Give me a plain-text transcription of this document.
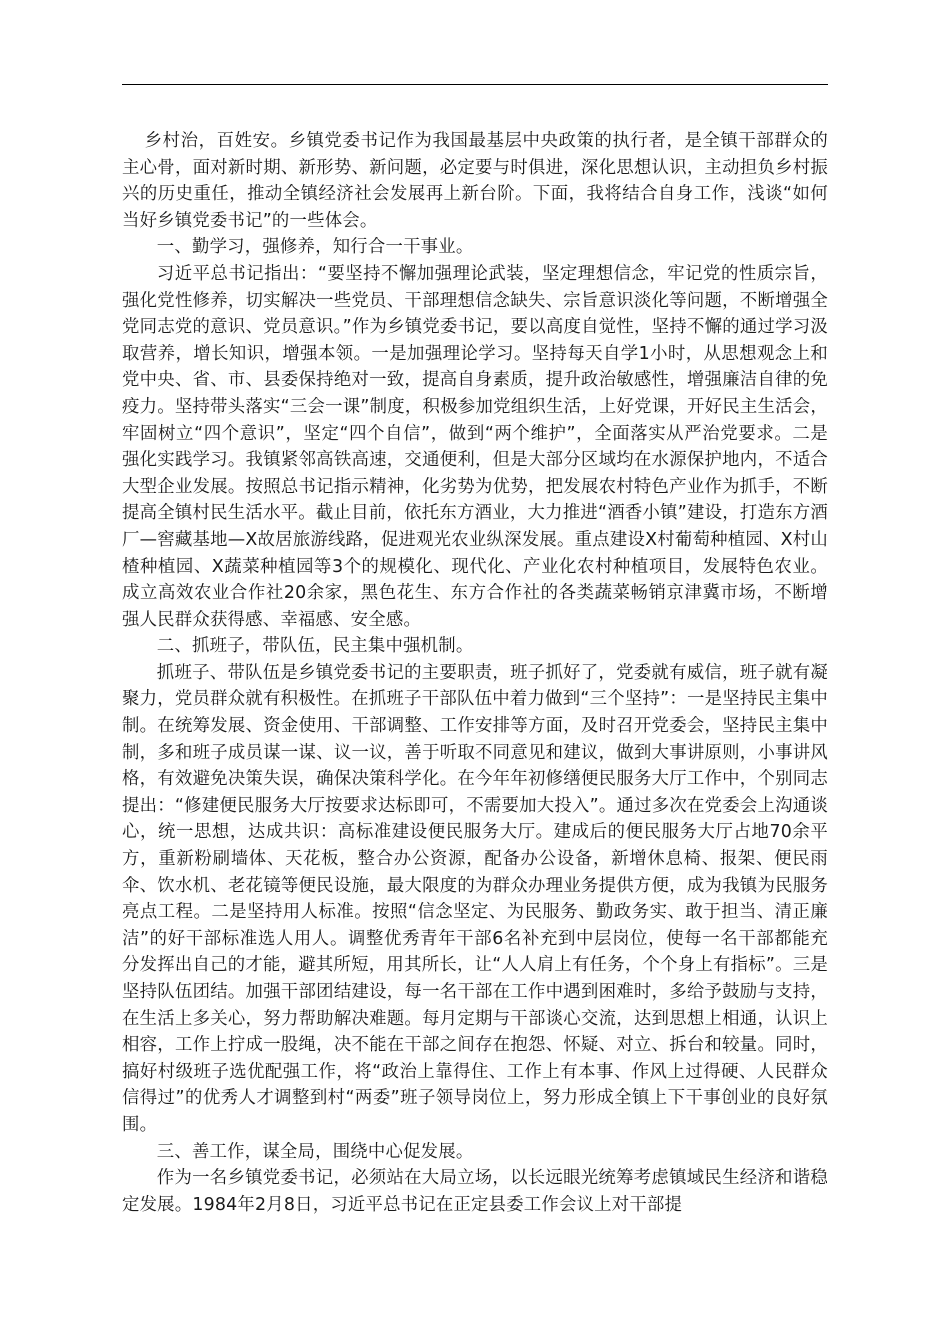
乡村治，百姓安。乡镇党委书记作为我国最基层中央政策的执行者，是全镇干部群众的主心骨，面对新时期、新形势、新问题，必定要与时俱进，深化思想认识，主动担负乡村振兴的历史重任，推动全镇经济社会发展再上新台阶。下面，我将结合自身工作，浅谈“如何当好乡镇党委书记”的一些体会。

一、勤学习，强修养，知行合一干事业。

习近平总书记指出：“要坚持不懈加强理论武装，坚定理想信念，牢记党的性质宗旨，强化党性修养，切实解决一些党员、干部理想信念缺失、宗旨意识淡化等问题，不断增强全党同志党的意识、党员意识。”作为乡镇党委书记，要以高度自觉性，坚持不懈的通过学习汲取营养，增长知识，增强本领。一是加强理论学习。坚持每天自学1小时，从思想观念上和党中央、省、市、县委保持绝对一致，提高自身素质，提升政治敏感性，增强廉洁自律的免疫力。坚持带头落实“三会一课”制度，积极参加党组织生活，上好党课，开好民主生活会，牢固树立“四个意识”，坚定“四个自信”，做到“两个维护”，全面落实从严治党要求。二是强化实践学习。我镇紧邻高铁高速，交通便利，但是大部分区域均在水源保护地内，不适合大型企业发展。按照总书记指示精神，化劣势为优势，把发展农村特色产业作为抓手，不断提高全镇村民生活水平。截止目前，依托东方酒业，大力推进“酒香小镇”建设，打造东方酒厂—窖藏基地—X故居旅游线路，促进观光农业纵深发展。重点建设X村葡萄种植园、X村山楂种植园、X蔬菜种植园等3个的规模化、现代化、产业化农村种植项目，发展特色农业。成立高效农业合作社20余家，黑色花生、东方合作社的各类蔬菜畅销京津冀市场，不断增强人民群众获得感、幸福感、安全感。

二、抓班子，带队伍，民主集中强机制。

抓班子、带队伍是乡镇党委书记的主要职责，班子抓好了，党委就有威信，班子就有凝聚力，党员群众就有积极性。在抓班子干部队伍中着力做到“三个坚持”：一是坚持民主集中制。在统筹发展、资金使用、干部调整、工作安排等方面，及时召开党委会，坚持民主集中制，多和班子成员谋一谋、议一议，善于听取不同意见和建议，做到大事讲原则，小事讲风格，有效避免决策失误，确保决策科学化。在今年年初修缮便民服务大厅工作中，个别同志提出：“修建便民服务大厅按要求达标即可，不需要加大投入”。通过多次在党委会上沟通谈心，统一思想，达成共识：高标准建设便民服务大厅。建成后的便民服务大厅占地70余平方，重新粉刷墙体、天花板，整合办公资源，配备办公设备，新增休息椅、报架、便民雨伞、饮水机、老花镜等便民设施，最大限度的为群众办理业务提供方便，成为我镇为民服务亮点工程。二是坚持用人标准。按照“信念坚定、为民服务、勤政务实、敢于担当、清正廉洁”的好干部标准选人用人。调整优秀青年干部6名补充到中层岗位，使每一名干部都能充分发挥出自己的才能，避其所短，用其所长，让“人人肩上有任务，个个身上有指标”。三是坚持队伍团结。加强干部团结建设，每一名干部在工作中遇到困难时，多给予鼓励与支持，在生活上多关心，努力帮助解决难题。每月定期与干部谈心交流，达到思想上相通，认识上相容，工作上拧成一股绳，决不能在干部之间存在抱怨、怀疑、对立、拆台和较量。同时，搞好村级班子选优配强工作，将“政治上靠得住、工作上有本事、作风上过得硬、人民群众信得过”的优秀人才调整到村“两委”班子领导岗位上，努力形成全镇上下干事创业的良好氛围。

三、善工作，谋全局，围绕中心促发展。

作为一名乡镇党委书记，必须站在大局立场，以长远眼光统筹考虑镇域民生经济和谐稳定发展。1984年2月8日，习近平总书记在正定县委工作会议上对干部提
